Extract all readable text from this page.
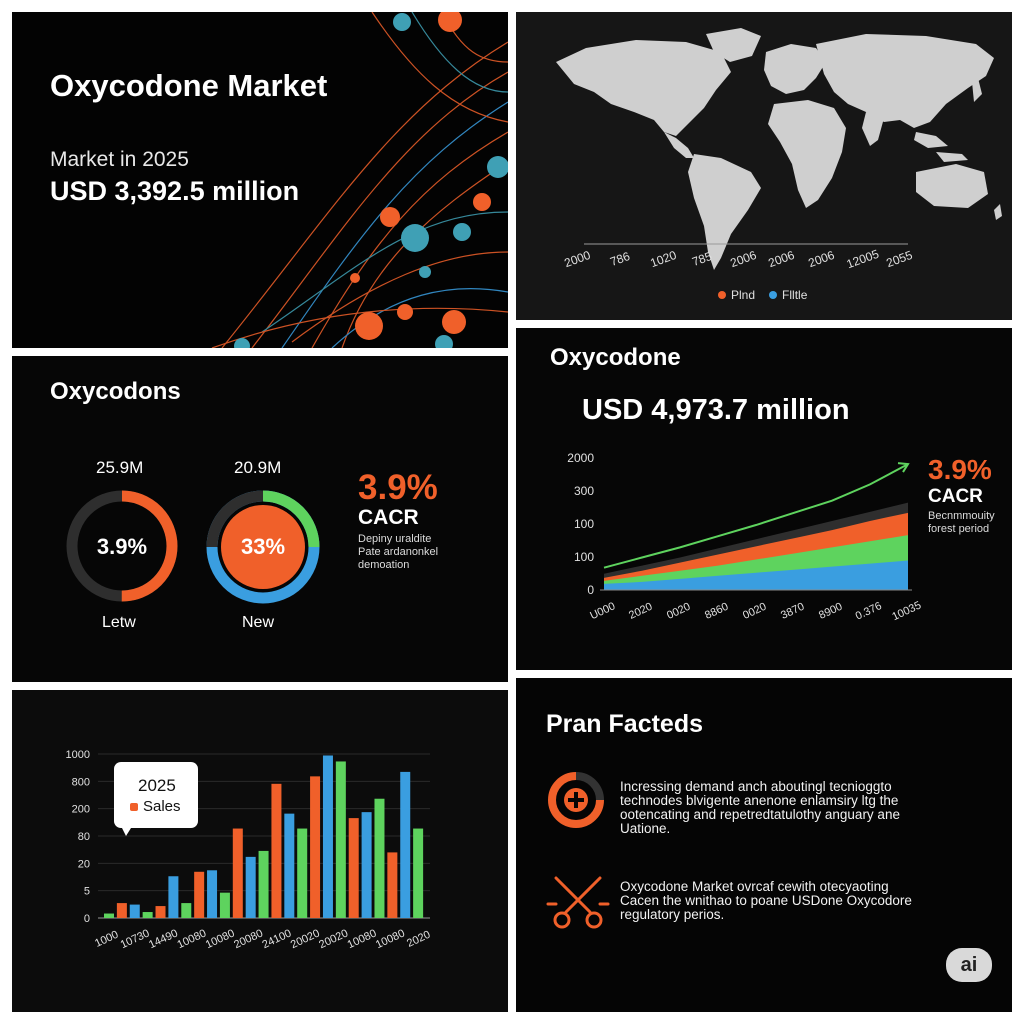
Oxycodone Market
Market in 2025
USD 3,392.5 million
2000 786 1020 785 2006 2006 2006 12005 2055
Plnd Flltle
Oxycodons
25.9M
3.9%
Letw
20.9M
33%
New
3.9%
CACR
Depiny uraldite
Pate ardanonkel
demoation
Oxycodone
USD 4,973.7 million
2000
300
100
100
0
U000 2020 0020 8860 0020 3870 8900 0.376 10035
3.9%
CACR
Becnmmouity
forest period
1000
800
200
80
20
5
0
1000
10730
14490
10080
10080
20080
24100
20020
20020
10080
10080
2020
2025
Sales
Pran Facteds
Incressing demand anch aboutingl tecnioggto
technodes blvigente anenone enlamsiry ltg the
ootencating and repetredtatulothy anguary ane
Uatione.
Oxycodone Market ovrcaf cewith otecyaoting
Cacen the wnithao to poane USDone Oxycodore
regulatory perios.
ai
